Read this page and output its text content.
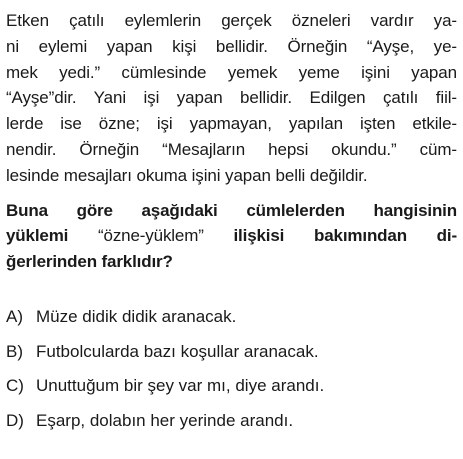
Etken çatılı eylemlerin gerçek özneleri vardır ya-
ni eylemi yapan kişi bellidir. Örneğin “Ayşe, ye-
mek yedi.” cümlesinde yemek yeme işini yapan
“Ayşe”dir. Yani işi yapan bellidir. Edilgen çatılı fiil-
lerde ise özne; işi yapmayan, yapılan işten etkile-
nendir. Örneğin “Mesajların hepsi okundu.” cüm-
lesinde mesajları okuma işini yapan belli değildir.
Buna göre aşağıdaki cümlelerden hangisinin
yüklemi “özne-yüklem” ilişkisi bakımından di-
ğerlerinden farklıdır?
A) Müze didik didik aranacak.
B) Futbolcularda bazı koşullar aranacak.
C) Unuttuğum bir şey var mı, diye arandı.
D) Eşarp, dolabın her yerinde arandı.
